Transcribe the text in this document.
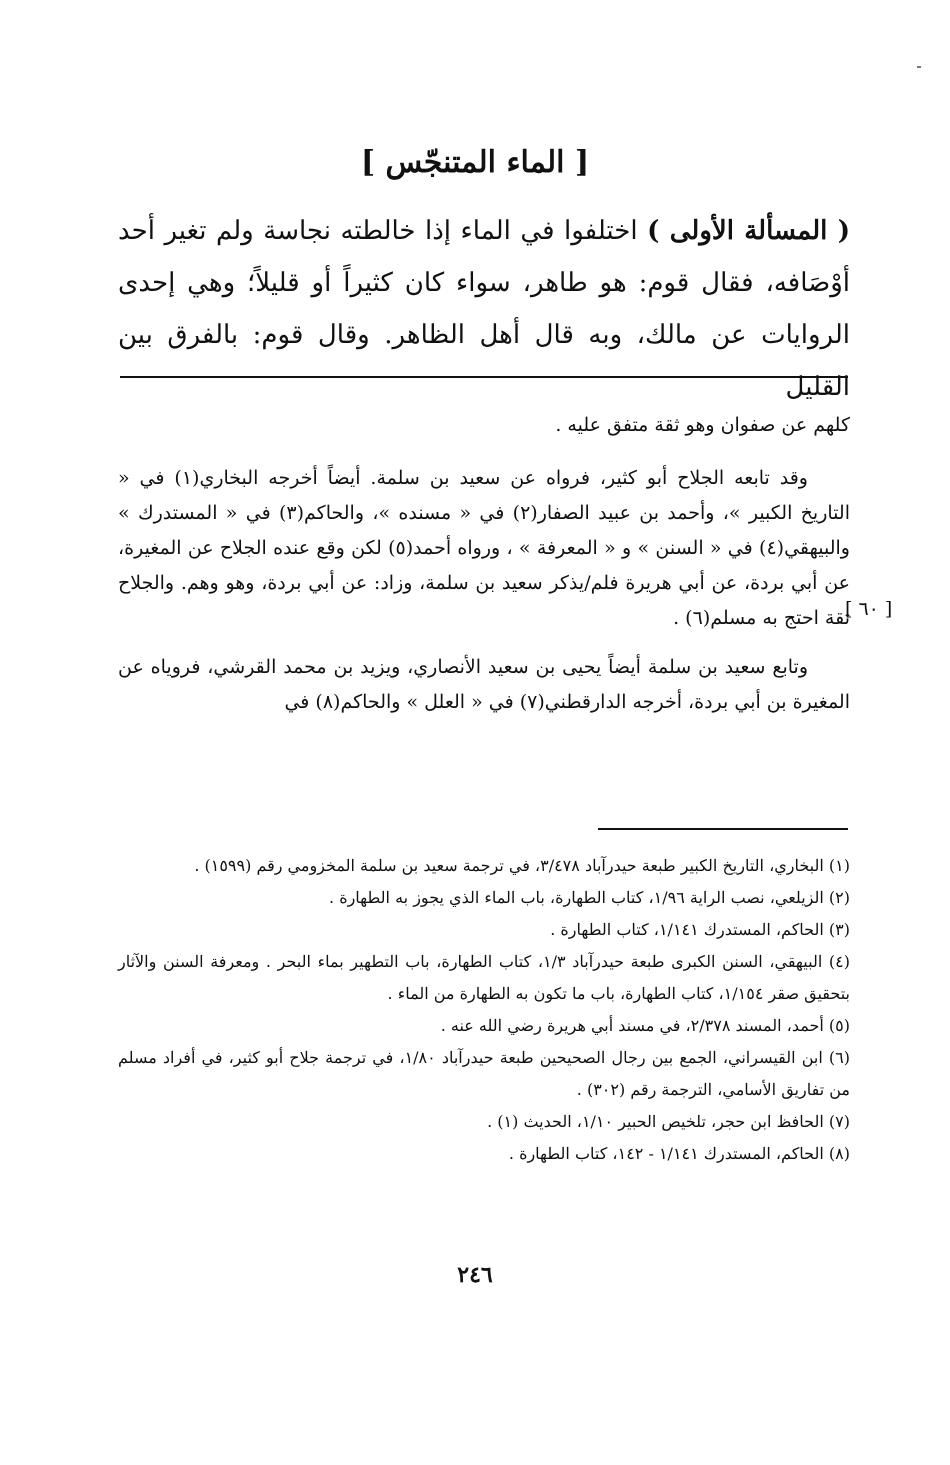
[ الماء المتنجّس ]

( المسألة الأولى ) اختلفوا في الماء إذا خالطته نجاسة ولم تغير أحد أوْصَافه، فقال قوم: هو طاهر، سواء كان كثيراً أو قليلاً؛ وهي إحدى الروايات عن مالك، وبه قال أهل الظاهر. وقال قوم: بالفرق بين القليل

كلهم عن صفوان وهو ثقة متفق عليه .

وقد تابعه الجلاح أبو كثير، فرواه عن سعيد بن سلمة. أيضاً أخرجه البخاري(١) في « التاريخ الكبير »، وأحمد بن عبيد الصفار(٢) في « مسنده »، والحاكم(٣) في « المستدرك » والبيهقي(٤) في « السنن » و « المعرفة » ، ورواه أحمد(٥) لكن وقع عنده الجلاح عن المغيرة، عن أبي بردة، عن أبي هريرة فلم/يذكر سعيد بن سلمة، وزاد: عن أبي بردة، وهو وهم. والجلاح ثقة احتج به مسلم(٦) .

وتابع سعيد بن سلمة أيضاً يحيى بن سعيد الأنصاري، ويزيد بن محمد القرشي، فروياه عن المغيرة بن أبي بردة، أخرجه الدارقطني(٧) في « العلل » والحاكم(٨) في

[ ٦٠ ]

(١) البخاري، التاريخ الكبير طبعة حيدرآباد ٣/٤٧٨، في ترجمة سعيد بن سلمة المخزومي رقم (١٥٩٩) .

(٢) الزيلعي، نصب الراية ١/٩٦، كتاب الطهارة، باب الماء الذي يجوز به الطهارة .

(٣) الحاكم، المستدرك ١/١٤١، كتاب الطهارة .

(٤) البيهقي، السنن الكبرى طبعة حيدرآباد ١/٣، كتاب الطهارة، باب التطهير بماء البحر . ومعرفة السنن والآثار بتحقيق صقر ١/١٥٤، كتاب الطهارة، باب ما تكون به الطهارة من الماء .

(٥) أحمد، المسند ٢/٣٧٨، في مسند أبي هريرة رضي الله عنه .

(٦) ابن القيسراني، الجمع بين رجال الصحيحين طبعة حيدرآباد ١/٨٠، في ترجمة جلاح أبو كثير، في أفراد مسلم من تفاريق الأسامي، الترجمة رقم (٣٠٢) .

(٧) الحافظ ابن حجر، تلخيص الحبير ١/١٠، الحديث (١) .

(٨) الحاكم، المستدرك ١/١٤١ - ١٤٢، كتاب الطهارة .

٢٤٦
